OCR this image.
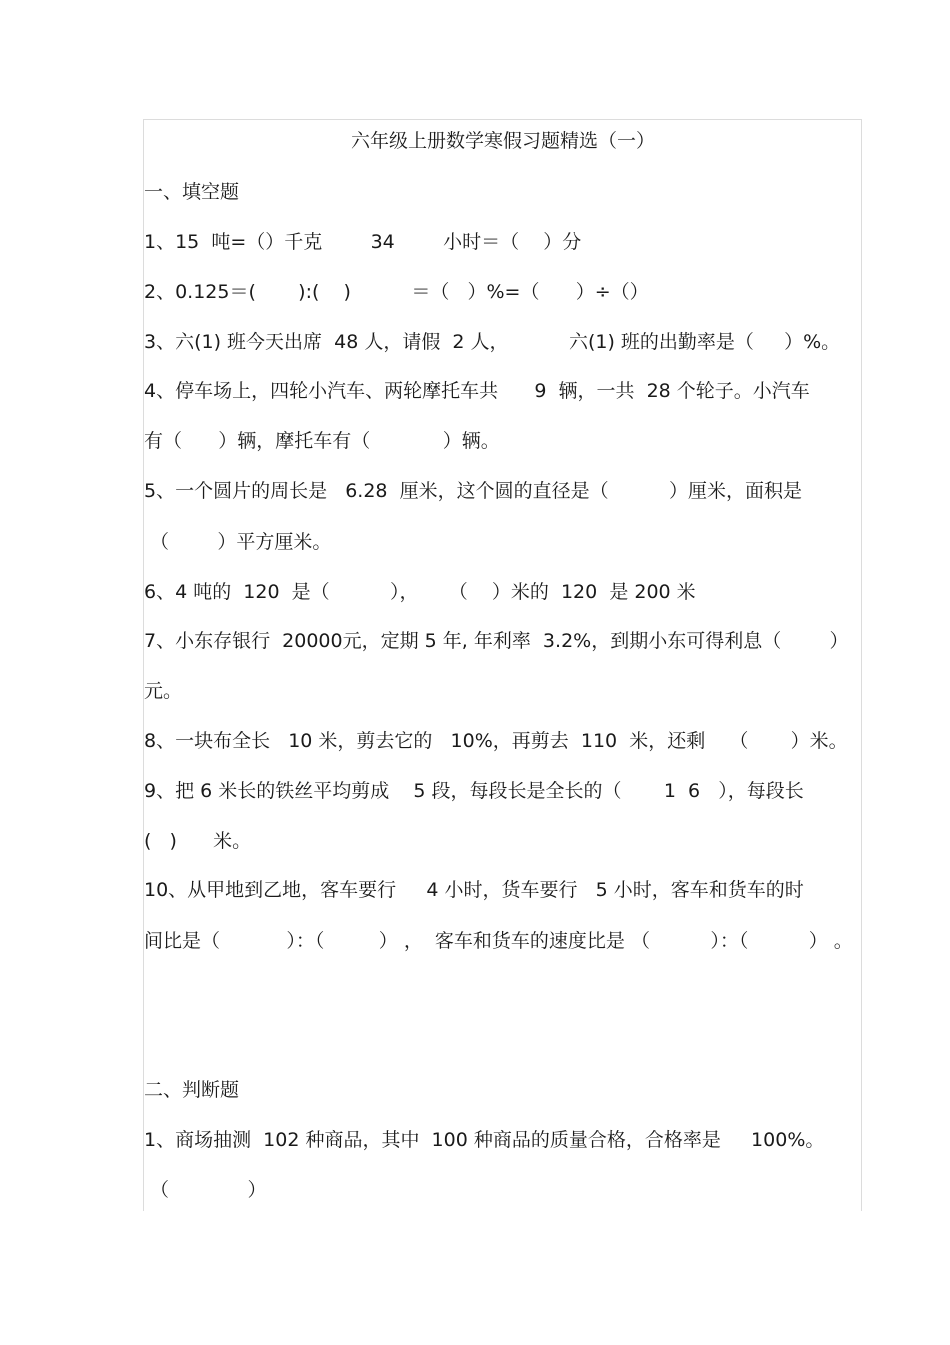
六年级上册数学寒假习题精选（一）
一、填空题
1、15  吨=（）千克        34        小时＝（    ）分
2、0.125＝(       ):(    )          ＝（   ）%=（      ）÷（）
3、六(1) 班今天出席  48 人，请假  2 人，          六(1) 班的出勤率是（     ）%。
4、停车场上，四轮小汽车、两轮摩托车共      9  辆，一共  28 个轮子。小汽车
有（      ）辆，摩托车有（            ）辆。
5、一个圆片的周长是   6.28  厘米，这个圆的直径是（          ）厘米，面积是
（        ）平方厘米。
6、4 吨的  120  是（          ），     （    ）米的  120  是 200 米
7、小东存银行  20000元，定期 5 年, 年利率  3.2%，到期小东可得利息（        ）
元。
8、一块布全长   10 米，剪去它的   10%，再剪去  110  米，还剩    （       ）米。
9、把 6 米长的铁丝平均剪成    5 段，每段长是全长的（       1  6   ），每段长
(   )      米。
10、从甲地到乙地，客车要行     4 小时，货车要行   5 小时，客车和货车的时
间比是（           ）：（         ） ，  客车和货车的速度比是 （          ）：（          ） 。
二、判断题
1、商场抽测  102 种商品，其中  100 种商品的质量合格，合格率是     100%。
（             ）
